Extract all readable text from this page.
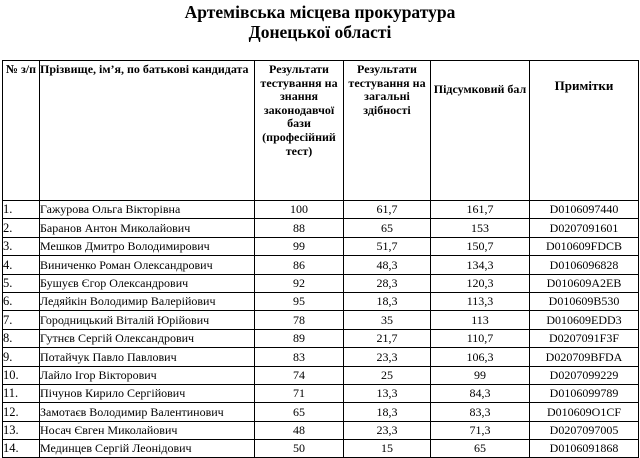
Артемівська місцева прокуратура
Донецької області
№ з/п	Прізвище, ім’я, по батькові кандидата	Результати тестування на знання законодавчої бази (професійний тест)	Результати тестування на загальні здібності	Підсумковий бал	Примітки
1.	Гажурова Ольга Вікторівна	100	61,7	161,7	D0106097440
2.	Баранов Антон Миколайович	88	65	153	D0207091601
3.	Мешков Дмитро Володимирович	99	51,7	150,7	D010609FDCB
4.	Виниченко Роман Олександрович	86	48,3	134,3	D0106096828
5.	Бушуєв Єгор Олександрович	92	28,3	120,3	D010609A2EB
6.	Ледяйкін Володимир Валерійович	95	18,3	113,3	D010609B530
7.	Городницький Віталій Юрійович	78	35	113	D010609EDD3
8.	Гутнєв Сергій Олександрович	89	21,7	110,7	D0207091F3F
9.	Потайчук Павло Павлович	83	23,3	106,3	D020709BFDA
10.	Лайло Ігор Вікторович	74	25	99	D0207099229
11.	Пічунов Кирило Сергійович	71	13,3	84,3	D0106099789
12.	Замотаєв Володимир Валентинович	65	18,3	83,3	D010609O1CF
13.	Носач Євген Миколайович	48	23,3	71,3	D0207097005
14.	Мединцев Сергій Леонідович	50	15	65	D0106091868
